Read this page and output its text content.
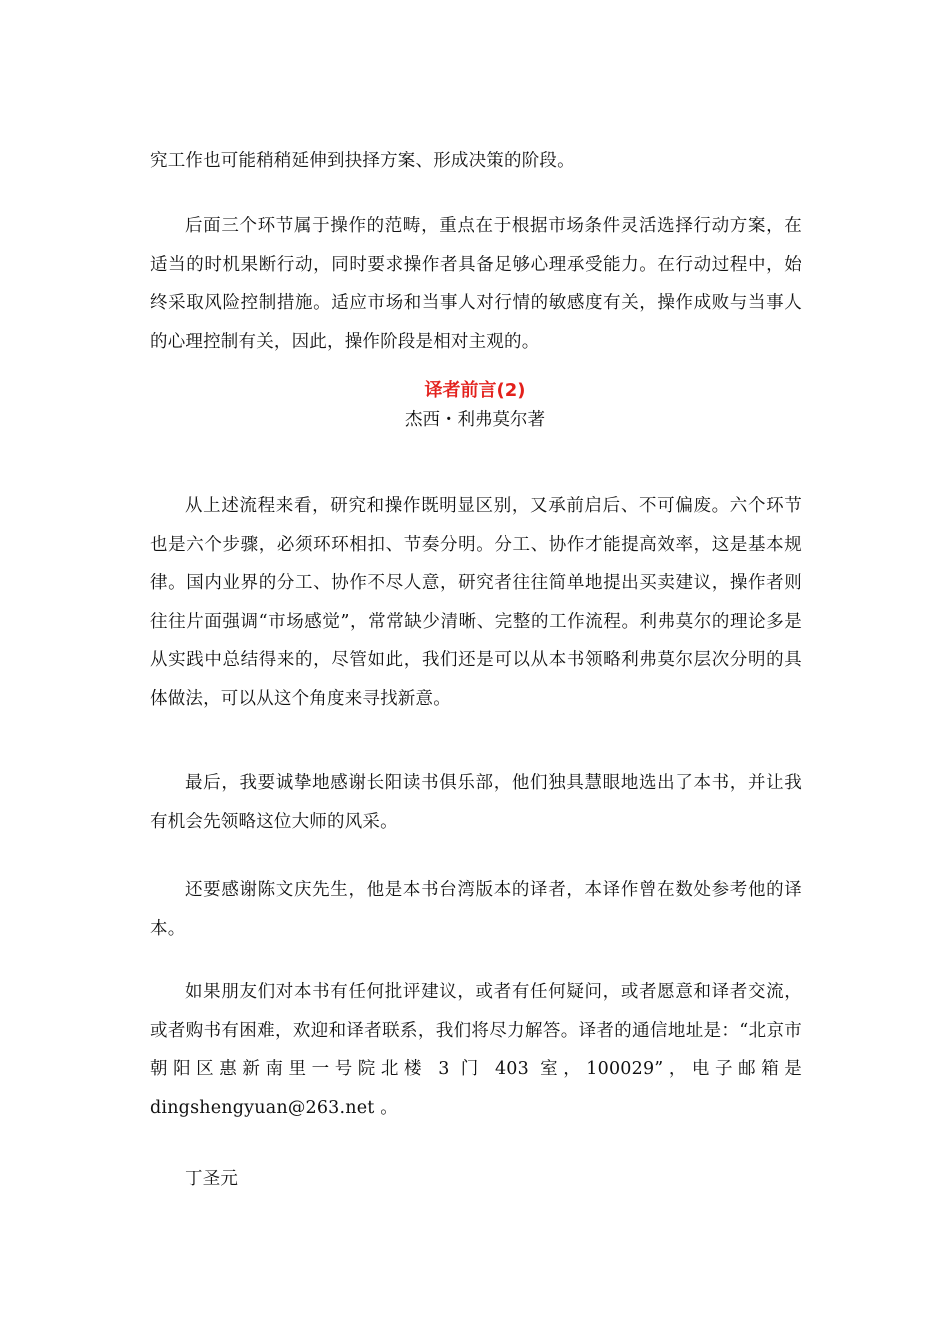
究工作也可能稍稍延伸到抉择方案、形成决策的阶段。

后面三个环节属于操作的范畴，重点在于根据市场条件灵活选择行动方案，在适当的时机果断行动，同时要求操作者具备足够心理承受能力。在行动过程中，始终采取风险控制措施。适应市场和当事人对行情的敏感度有关，操作成败与当事人的心理控制有关，因此，操作阶段是相对主观的。

译者前言(2)

杰西・利弗莫尔著

从上述流程来看，研究和操作既明显区别，又承前启后、不可偏废。六个环节也是六个步骤，必须环环相扣、节奏分明。分工、协作才能提高效率，这是基本规律。国内业界的分工、协作不尽人意，研究者往往简单地提出买卖建议，操作者则往往片面强调“市场感觉”，常常缺少清晰、完整的工作流程。利弗莫尔的理论多是从实践中总结得来的，尽管如此，我们还是可以从本书领略利弗莫尔层次分明的具体做法，可以从这个角度来寻找新意。

最后，我要诚挚地感谢长阳读书俱乐部，他们独具慧眼地选出了本书，并让我有机会先领略这位大师的风采。

还要感谢陈文庆先生，他是本书台湾版本的译者，本译作曾在数处参考他的译本。

如果朋友们对本书有任何批评建议，或者有任何疑问，或者愿意和译者交流，或者购书有困难，欢迎和译者联系，我们将尽力解答。译者的通信地址是：“北京市朝阳区惠新南里一号院北楼 3 门 403 室，100029”，电子邮箱是 dingshengyuan@263.net 。

丁圣元
